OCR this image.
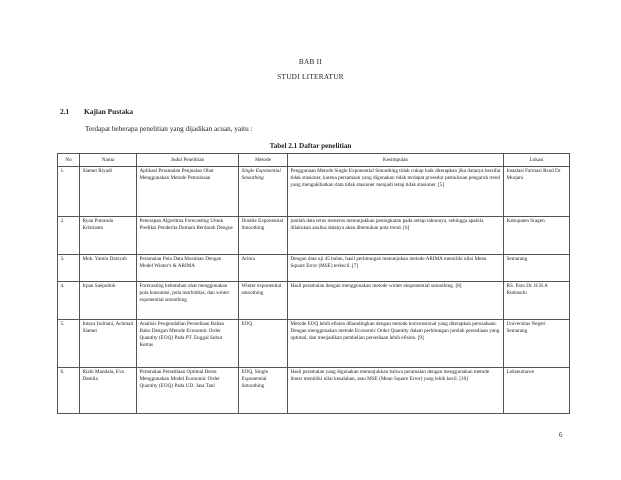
BAB II
STUDI LITERATUR
2.1 Kajian Pustaka
Terdapat beberapa penelitian yang dijadikan acuan, yaitu :
Tabel 2.1 Daftar penelitian
No	Nama	Judul Penelitian	Metode	Kesimpulan	Lokasi
1.	Slamet Riyadi	Aplikasi Peramalan Penjualan Obat Menggunakan Metode Pemulusan	Single Exponential Smoothing	Penggunaan Metode Single Exponential Smoothing tidak cukup baik diterapkan jika datanya bersifat tidak stasioner, karena persamaan yang digunakan tidak terdapat prosedur pemulusan pengaruh trend yang mengakibatkan data tidak stasioner menjadi tetap tidak stasioner. [5]	Instalasi Farmasi Rsud Dr Murjani
2.	Ryan Putranda Kristianto	Penerapan Algoritma Forecasting Untuk Prediksi Penderita Demam Berdarah Dengue	Double Exponential Smoothing	jumlah data terus menerus menunjukkan peningkatan pada setiap tahunnya, sehingga apabila dilakukan analisa datanya akan ditemukan pola trend. [6]	Kabupaten Sragen
3.	Moh. Yamin Darsyah	Peramalan Pola Data Musiman Dengan Model Winter's & ARIMA	Arima	Dengan data uji 45 bulan, hasil perhitungan menunjukan metode ARIMA memiliki nilai Mean Square Error (MSE) terkecil. [7]	Semarang
4.	Irpan Saepulloh	Forecasting kebutuhan obat menggunakan pola konsumsi, pola morbiditas, dan winter exponential smoothing	Winter exponential smoothing	Hasil peramalan dengan menggunakan metode winter eksponential smoothing. [8]	RS. Paru Dr. H H.A Rotinsulu
5.	Intaya Indriani, Achmad Slamet	Analisis Pengendalian Persediaan Bahan Baku Dengan Metode Economic Order Quantity (EOQ) Pada PT. Enggal Subur Kertas	EOQ	Metode EOQ lebih efisien dibandingkan dengan metode konvensional yang diterapkan perusahaan. Dengan menggunakan metode Economic Order Quantity dalam perhitungan jumlah persediaan yang optimal, dan menjadikan pembelian persediaan lebih efisien. [9]	Universitas Negeri Semarang
6.	Rizki Mandala, Eva Damila	Peramalan Persediaan Optimal Beras Menggunakan Model Economic Order Quantity (EOQ) Pada UD. Jasa Tani	EOQ, Single Exponential Smoothing	Hasil peramalan yang digunakan menunjukkan bahwa peramalan dengan menggunakan metode linear memiliki nilai kesalahan, atau MSE (Mean Square Error) yang lebih kecil. [10]	Lokseumawe
6
